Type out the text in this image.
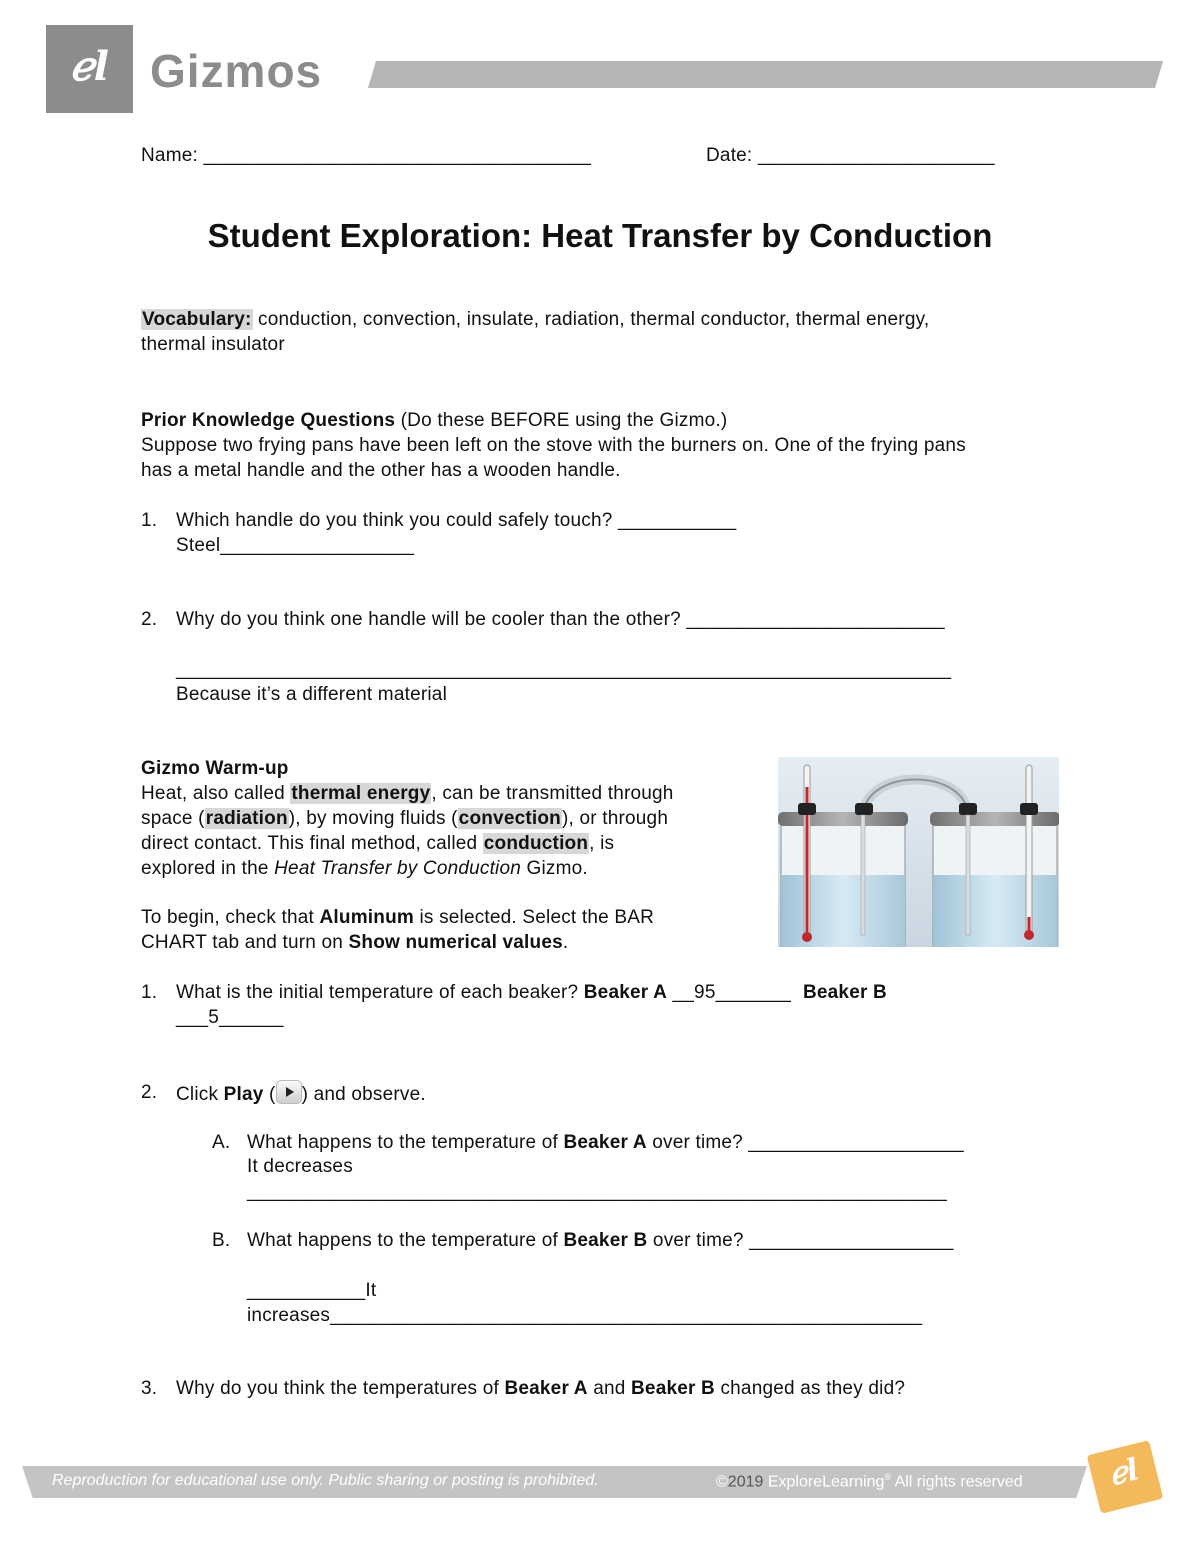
ℯl Gizmos
Name: ____________________________________	Date: ______________________
Student Exploration: Heat Transfer by Conduction
Vocabulary: conduction, convection, insulate, radiation, thermal conductor, thermal energy,
thermal insulator
Prior Knowledge Questions (Do these BEFORE using the Gizmo.)
Suppose two frying pans have been left on the stove with the burners on. One of the frying pans
has a metal handle and the other has a wooden handle.
1. Which handle do you think you could safely touch? ___________
Steel__________________
2. Why do you think one handle will be cooler than the other? ________________________
________________________________________________________________________
Because it’s a different material
Gizmo Warm-up
Heat, also called thermal energy, can be transmitted through
space (radiation), by moving fluids (convection), or through
direct contact. This final method, called conduction, is
explored in the Heat Transfer by Conduction Gizmo.
To begin, check that Aluminum is selected. Select the BAR
CHART tab and turn on Show numerical values.
1. What is the initial temperature of each beaker? Beaker A __95_______ Beaker B
___5______
2. Click Play ( ) and observe.
A. What happens to the temperature of Beaker A over time? ____________________
It decreases
_________________________________________________________________
B. What happens to the temperature of Beaker B over time? ___________________
___________It
increases_______________________________________________________
3. Why do you think the temperatures of Beaker A and Beaker B changed as they did?
Reproduction for educational use only. Public sharing or posting is prohibited.	©2019 ExploreLearning® All rights reserved	ℯl
